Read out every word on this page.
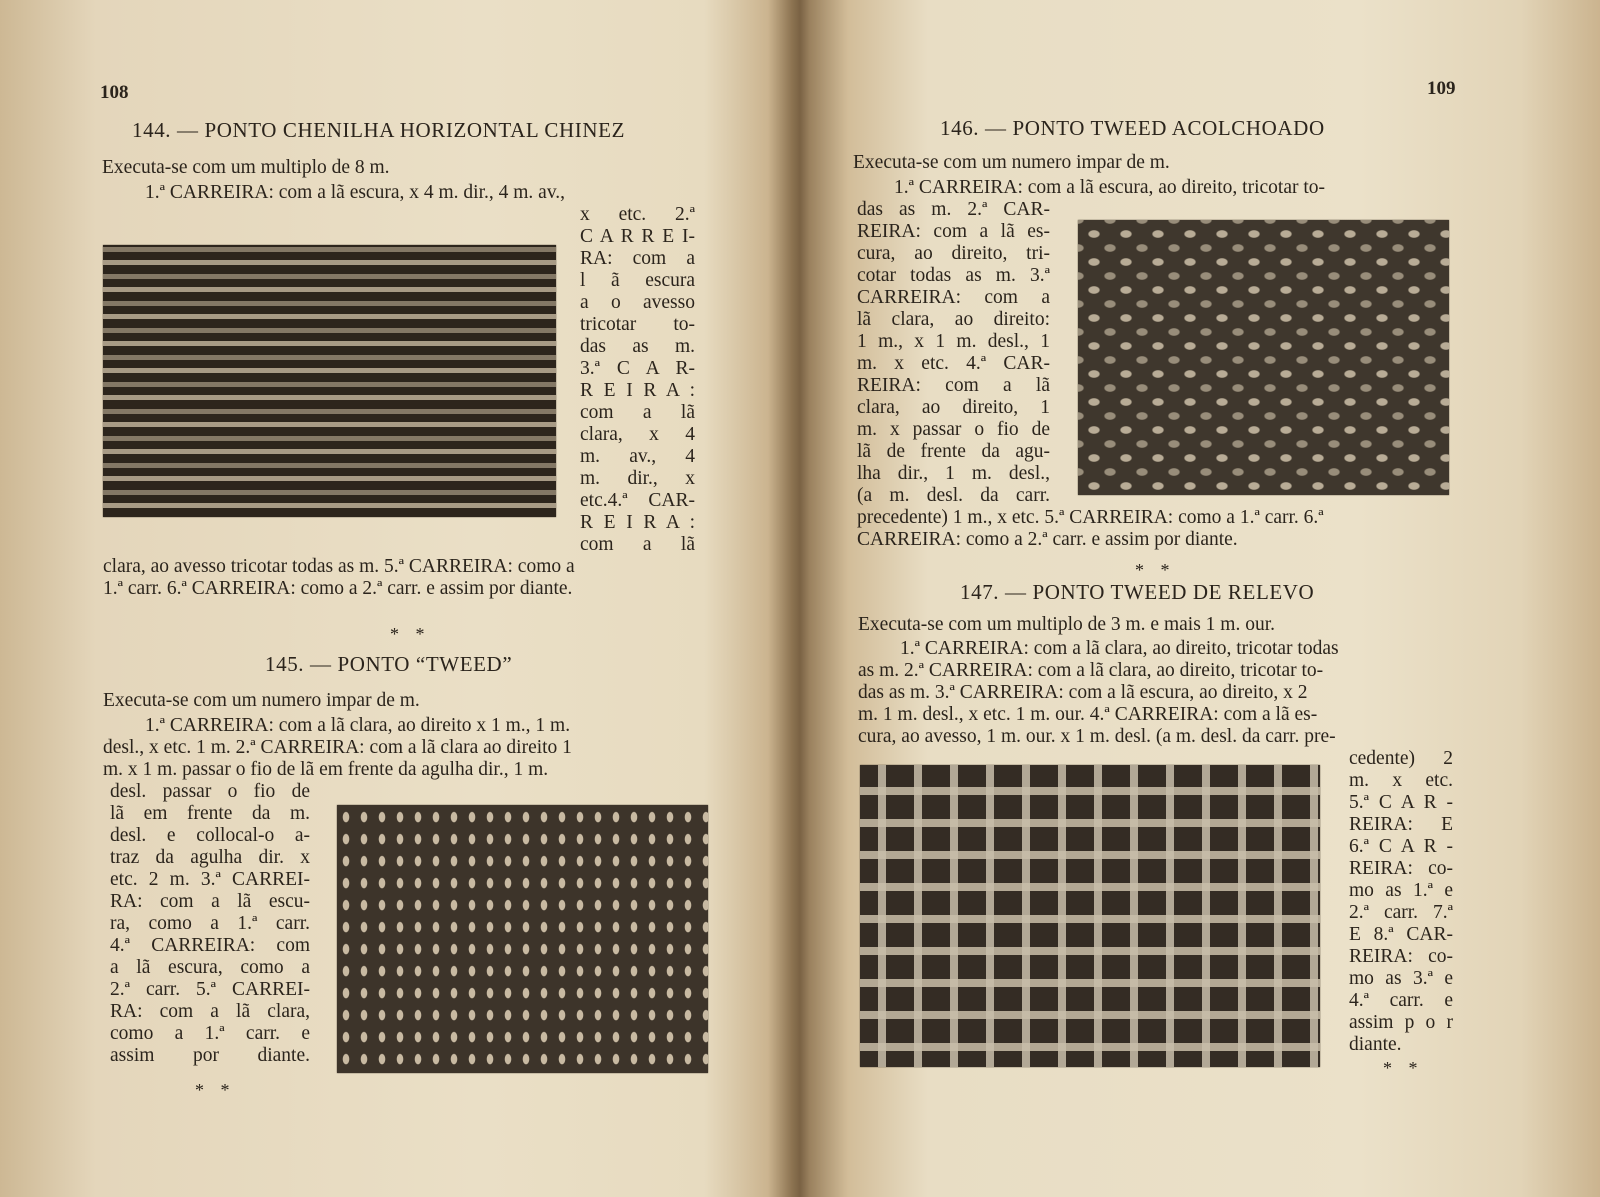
108
144. — PONTO CHENILHA HORIZONTAL CHINEZ
Executa-se com um multiplo de 8 m.
1.ª CARREIRA: com a lã escura, x 4 m. dir., 4 m. av.,
x etc. 2.ª
C A R R E I-
RA: com a
l ã escura
a o avesso
tricotar to-
das as m.
3.ª C A R-
R E I R A :
com a lã
clara, x 4
m. av., 4
m. dir., x
etc.4.ª CAR-
R E I R A :
com a lã
clara, ao avesso tricotar todas as m. 5.ª CARREIRA: como a
1.ª carr. 6.ª CARREIRA: como a 2.ª carr. e assim por diante.
* *
145. — PONTO “TWEED”
Executa-se com um numero impar de m.
1.ª CARREIRA: com a lã clara, ao direito x 1 m., 1 m.
desl., x etc. 1 m. 2.ª CARREIRA: com a lã clara ao direito 1
m. x 1 m. passar o fio de lã em frente da agulha dir., 1 m.
desl. passar o fio de
lã em frente da m.
desl. e collocal-o a-
traz da agulha dir. x
etc. 2 m. 3.ª CARREI-
RA: com a lã escu-
ra, como a 1.ª carr.
4.ª CARREIRA: com
a lã escura, como a
2.ª carr. 5.ª CARREI-
RA: com a lã clara,
como a 1.ª carr. e
assim por diante.
* *
109
146. — PONTO TWEED ACOLCHOADO
Executa-se com um numero impar de m.
1.ª CARREIRA: com a lã escura, ao direito, tricotar to-
das as m. 2.ª CAR-
REIRA: com a lã es-
cura, ao direito, tri-
cotar todas as m. 3.ª
CARREIRA: com a
lã clara, ao direito:
1 m., x 1 m. desl., 1
m. x etc. 4.ª CAR-
REIRA: com a lã
clara, ao direito, 1
m. x passar o fio de
lã de frente da agu-
lha dir., 1 m. desl.,
(a m. desl. da carr.
precedente) 1 m., x etc. 5.ª CARREIRA: como a 1.ª carr. 6.ª
CARREIRA: como a 2.ª carr. e assim por diante.
* *
147. — PONTO TWEED DE RELEVO
Executa-se com um multiplo de 3 m. e mais 1 m. our.
1.ª CARREIRA: com a lã clara, ao direito, tricotar todas
as m. 2.ª CARREIRA: com a lã clara, ao direito, tricotar to-
das as m. 3.ª CARREIRA: com a lã escura, ao direito, x 2
m. 1 m. desl., x etc. 1 m. our. 4.ª CARREIRA: com a lã es-
cura, ao avesso, 1 m. our. x 1 m. desl. (a m. desl. da carr. pre-
cedente) 2
m. x etc.
5.ª C A R -
REIRA: E
6.ª C A R -
REIRA: co-
mo as 1.ª e
2.ª carr. 7.ª
E 8.ª CAR-
REIRA: co-
mo as 3.ª e
4.ª carr. e
assim p o r
diante.
* *
